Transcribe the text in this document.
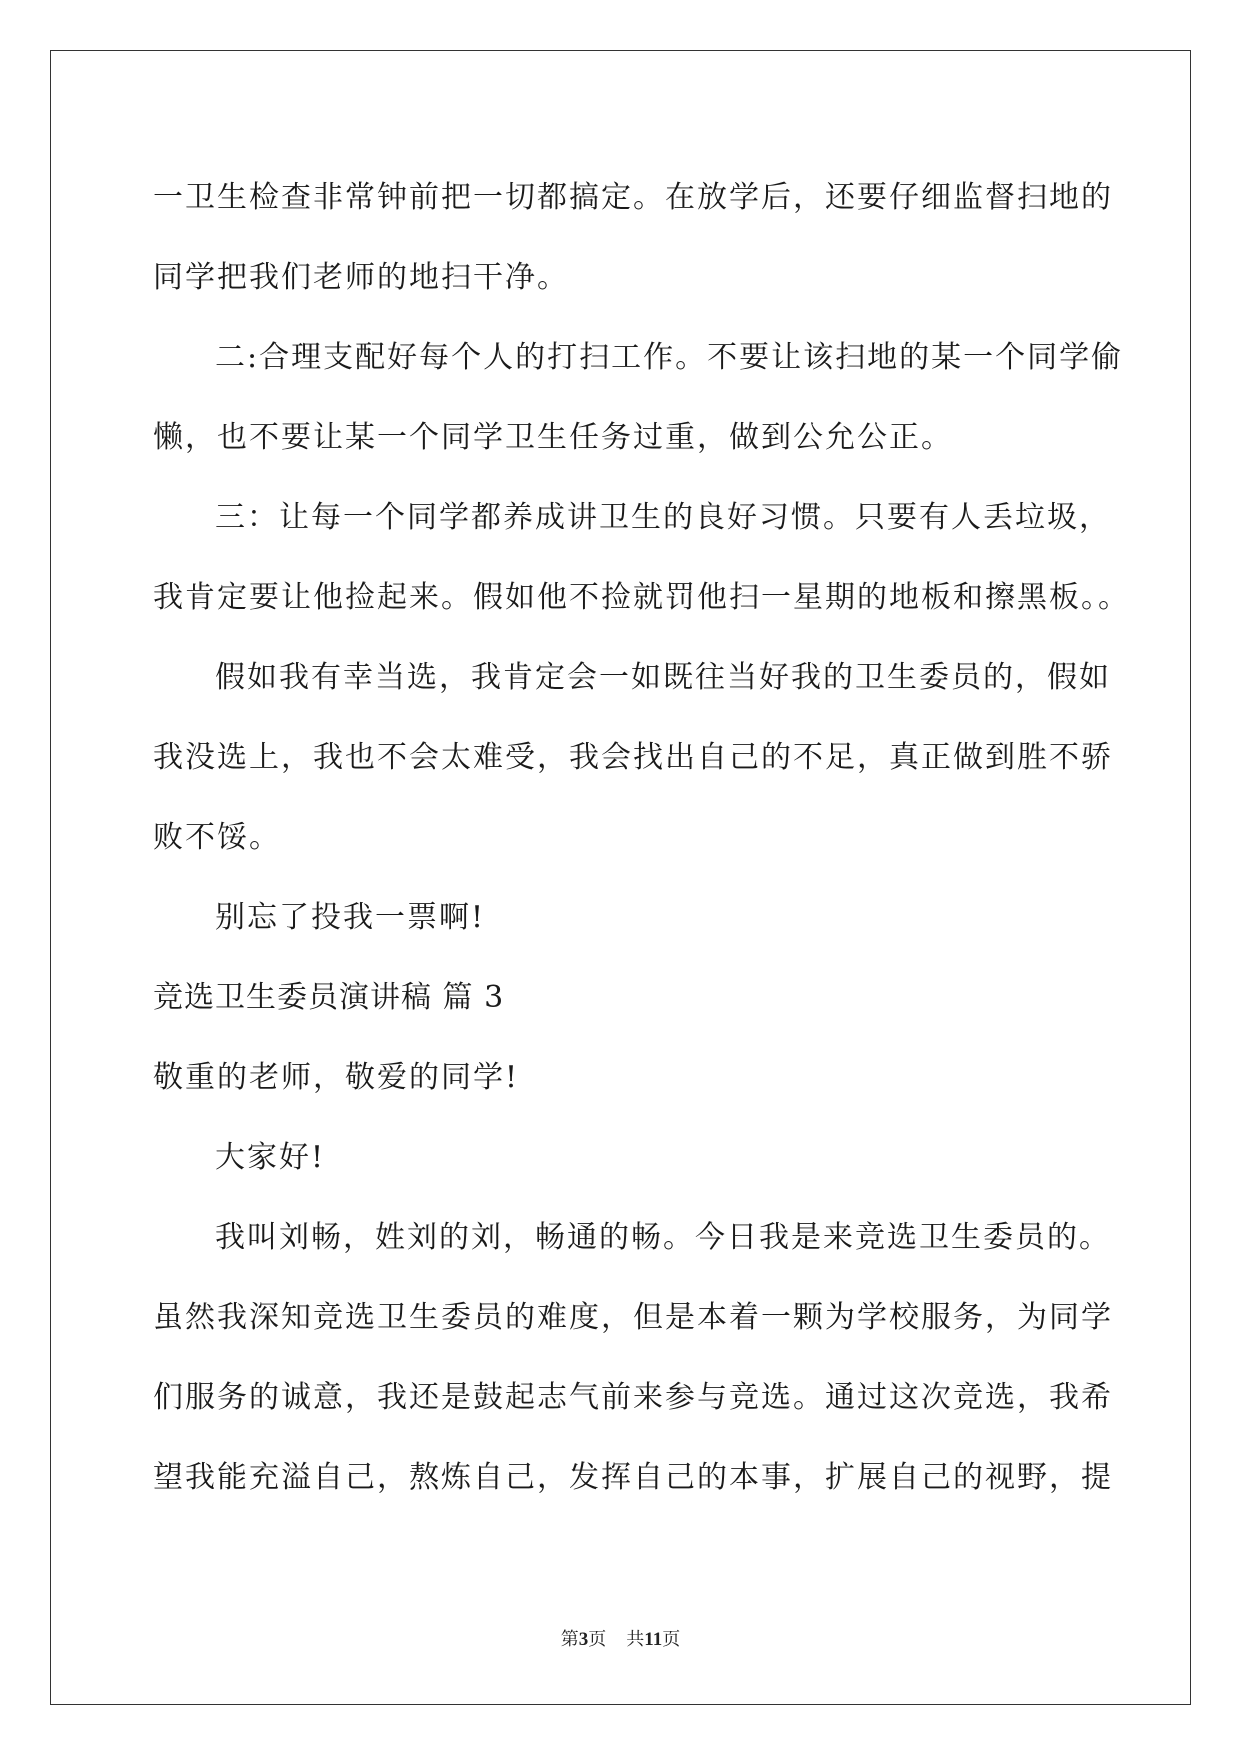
一卫生检查非常钟前把一切都搞定。在放学后，还要仔细监督扫地的
同学把我们老师的地扫干净。
二:合理支配好每个人的打扫工作。不要让该扫地的某一个同学偷
懒，也不要让某一个同学卫生任务过重，做到公允公正。
三：让每一个同学都养成讲卫生的良好习惯。只要有人丢垃圾，
我肯定要让他捡起来。假如他不捡就罚他扫一星期的地板和擦黑板。。
假如我有幸当选，我肯定会一如既往当好我的卫生委员的，假如
我没选上，我也不会太难受，我会找出自己的不足，真正做到胜不骄
败不馁。
别忘了投我一票啊!
竞选卫生委员演讲稿 篇 3
敬重的老师，敬爱的同学!
大家好!
我叫刘畅，姓刘的刘，畅通的畅。今日我是来竞选卫生委员的。
虽然我深知竞选卫生委员的难度，但是本着一颗为学校服务，为同学
们服务的诚意，我还是鼓起志气前来参与竞选。通过这次竞选，我希
望我能充溢自己，熬炼自己，发挥自己的本事，扩展自己的视野，提
第3页 共11页
